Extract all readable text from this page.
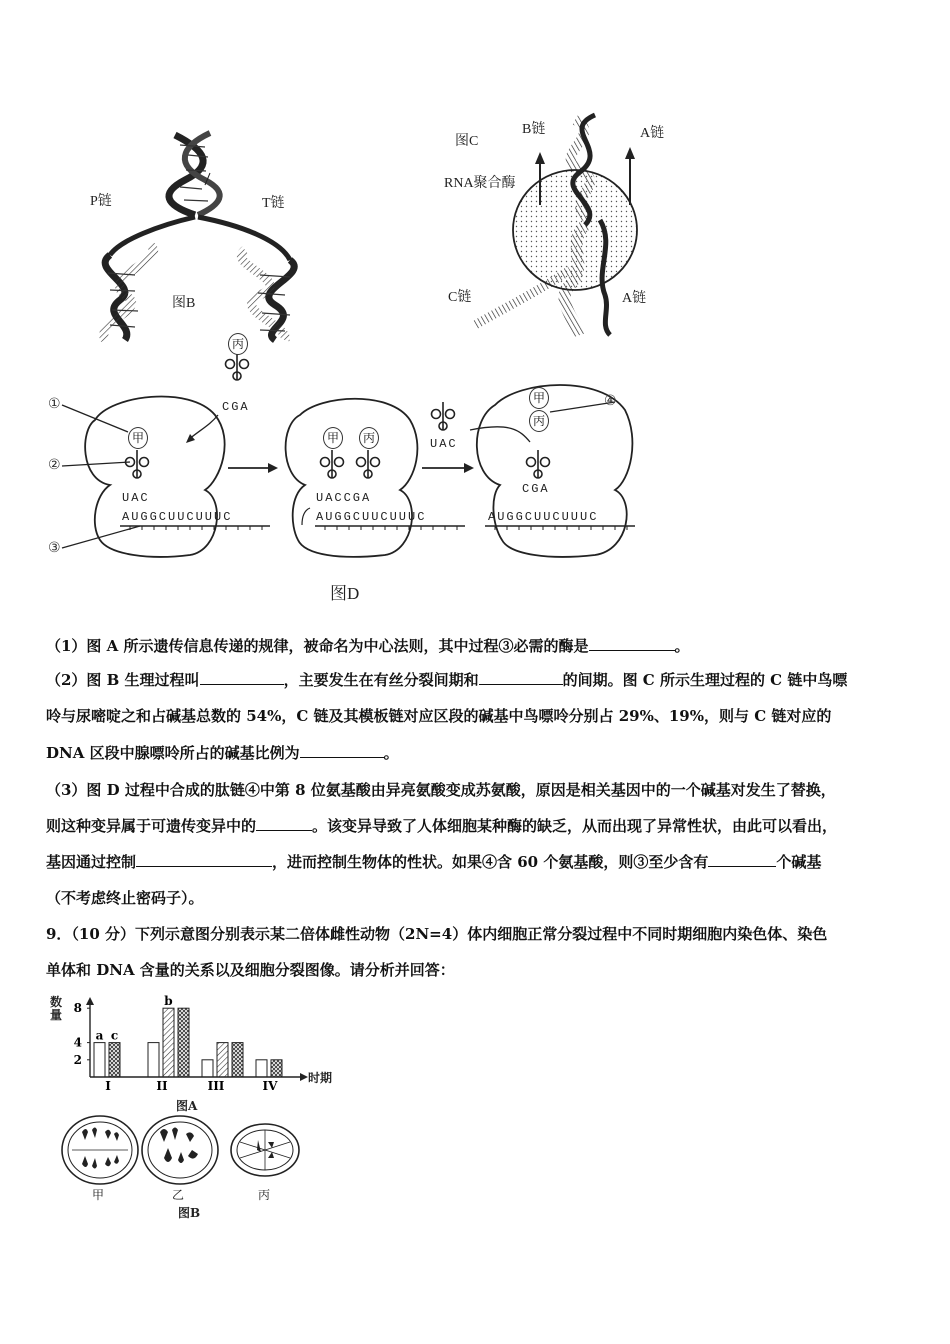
P链	T链
图B
图C
B链	A链
RNA聚合酶
C链	A链
①
②
③
④
甲	甲	丙
甲
丙
丙
CGA
UAC
UAC	UACCGA
CGA
AUGGCUUCUUUC	AUGGCUUCUUUC	AUGGCUUCUUUC
图D
（1）图 A 所示遗传信息传递的规律，被命名为中心法则，其中过程③必需的酶是	。
（2）图 B 生理过程叫	，主要发生在有丝分裂间期和	的间期。图 C 所示生理过程的 C 链中鸟嘌
呤与尿嘧啶之和占碱基总数的 54%，C 链及其模板链对应区段的碱基中鸟嘌呤分别占 29%、19%，则与 C 链对应的
DNA 区段中腺嘌呤所占的碱基比例为	。
（3）图 D 过程中合成的肽链④中第 8 位氨基酸由异亮氨酸变成苏氨酸，原因是相关基因中的一个碱基对发生了替换，
则这种变异属于可遗传变异中的	。该变异导致了人体细胞某种酶的缺乏，从而出现了异常性状，由此可以看出，
基因通过控制	，进而控制生物体的性状。如果④含 60 个氨基酸，则③至少含有	个碱基
（不考虑终止密码子）。
9．（10 分）下列示意图分别表示某二倍体雌性动物（2N=4）体内细胞正常分裂过程中不同时期细胞内染色体、染色
单体和 DNA 含量的关系以及细胞分裂图像。请分析并回答：
a c
b
I	II	III	IV
2
4
8
数量
时期
图A
甲	乙	丙
图B
